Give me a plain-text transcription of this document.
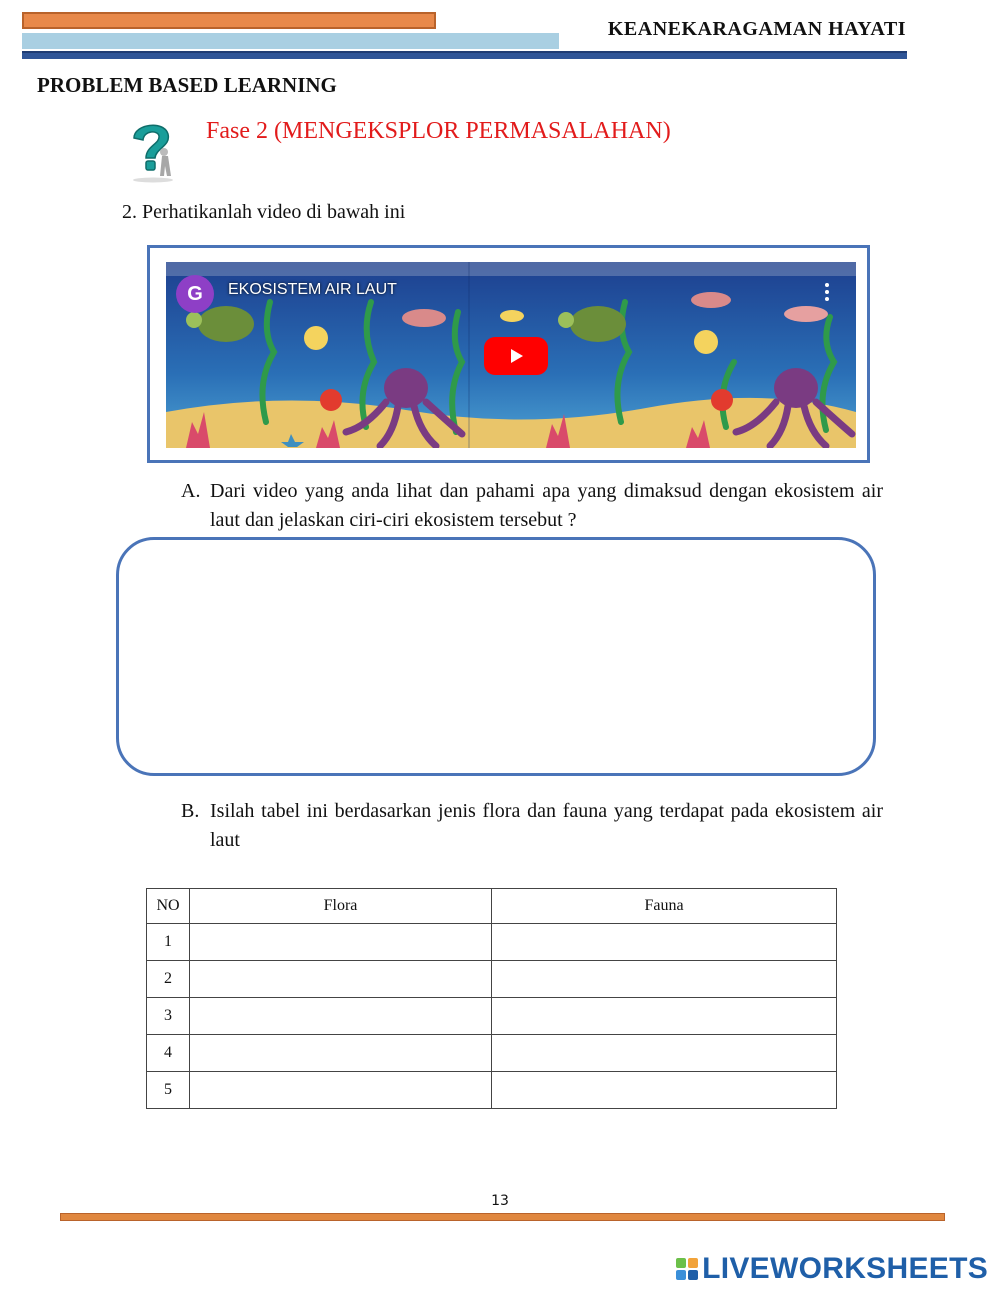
KEANEKARAGAMAN HAYATI
PROBLEM BASED LEARNING
Fase 2 (MENGEKSPLOR PERMASALAHAN)
2. Perhatikanlah video di bawah ini
G EKOSISTEM AIR LAUT
A. Dari video yang anda lihat dan pahami apa yang dimaksud dengan ekosistem air laut dan jelaskan ciri-ciri ekosistem tersebut ?
B. Isilah tabel ini berdasarkan jenis flora dan fauna yang terdapat pada ekosistem air laut
NO	Flora	Fauna
1		
2		
3		
4		
5		
13
LIVEWORKSHEETS
